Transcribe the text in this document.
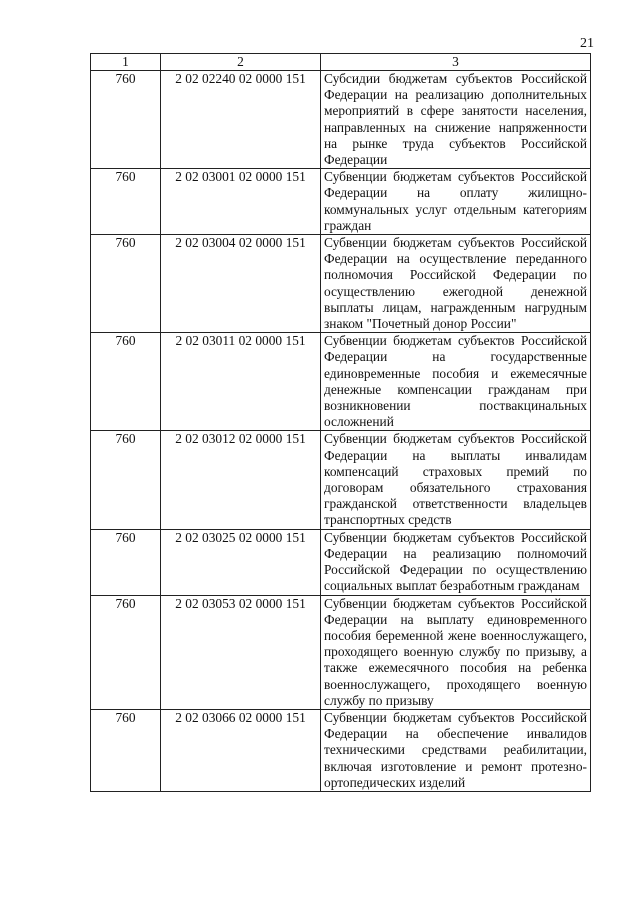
21
1	2	3
760	2 02 02240 02 0000 151	Субсидии бюджетам субъектов Российской Федерации на реализацию дополнительных мероприятий в сфере занятости населения, направленных на снижение напряженности на рынке труда субъектов Российской Федерации
760	2 02 03001 02 0000 151	Субвенции бюджетам субъектов Российской Федерации на оплату жилищно-коммунальных услуг отдельным категориям граждан
760	2 02 03004 02 0000 151	Субвенции бюджетам субъектов Российской Федерации на осуществление переданного полномочия Российской Федерации по осуществлению ежегодной денежной выплаты лицам, награжденным нагрудным знаком "Почетный донор России"
760	2 02 03011 02 0000 151	Субвенции бюджетам субъектов Российской Федерации на государственные единовременные пособия и ежемесячные денежные компенсации гражданам при возникновении поствакцинальных осложнений
760	2 02 03012 02 0000 151	Субвенции бюджетам субъектов Российской Федерации на выплаты инвалидам компенсаций страховых премий по договорам обязательного страхования гражданской ответственности владельцев транспортных средств
760	2 02 03025 02 0000 151	Субвенции бюджетам субъектов Российской Федерации на реализацию полномочий Российской Федерации по осуществлению социальных выплат безработным гражданам
760	2 02 03053 02 0000 151	Субвенции бюджетам субъектов Российской Федерации на выплату единовременного пособия беременной жене военнослужащего, проходящего военную службу по призыву, а также ежемесячного пособия на ребенка военнослужащего, проходящего военную службу по призыву
760	2 02 03066 02 0000 151	Субвенции бюджетам субъектов Российской Федерации на обеспечение инвалидов техническими средствами реабилитации, включая изготовление и ремонт протезно-ортопедических изделий
